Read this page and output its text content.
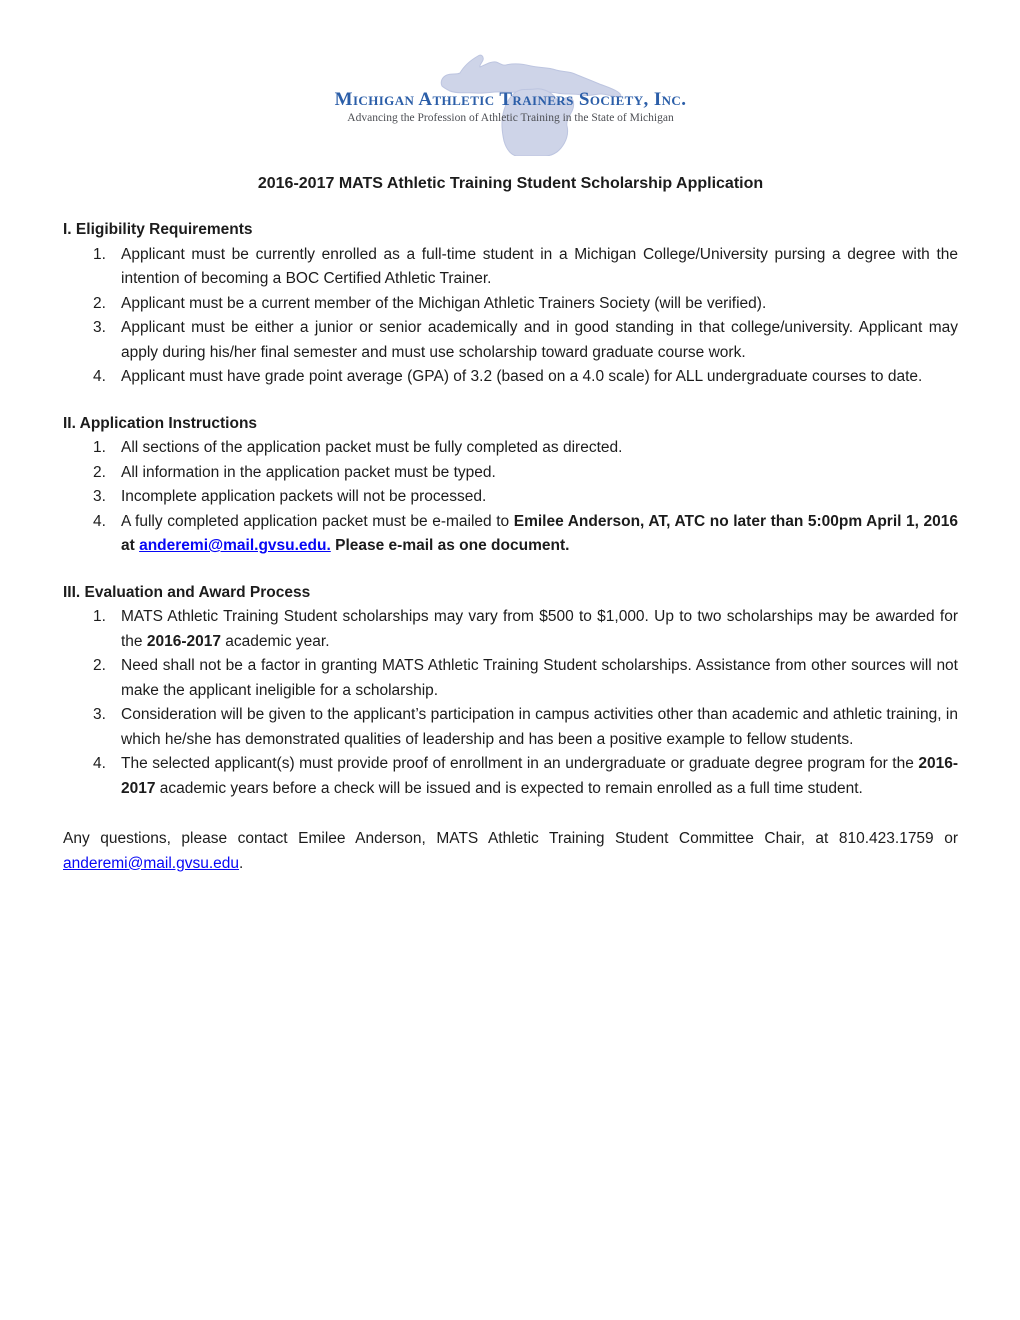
Michigan Athletic Trainers Society, Inc.
Advancing the Profession of Athletic Training in the State of Michigan
2016-2017 MATS Athletic Training Student Scholarship Application
I. Eligibility Requirements
1. Applicant must be currently enrolled as a full-time student in a Michigan College/University pursing a degree with the intention of becoming a BOC Certified Athletic Trainer.
2. Applicant must be a current member of the Michigan Athletic Trainers Society (will be verified).
3. Applicant must be either a junior or senior academically and in good standing in that college/university. Applicant may apply during his/her final semester and must use scholarship toward graduate course work.
4. Applicant must have grade point average (GPA) of 3.2 (based on a 4.0 scale) for ALL undergraduate courses to date.
II. Application Instructions
1. All sections of the application packet must be fully completed as directed.
2. All information in the application packet must be typed.
3. Incomplete application packets will not be processed.
4. A fully completed application packet must be e-mailed to Emilee Anderson, AT, ATC no later than 5:00pm April 1, 2016 at anderemi@mail.gvsu.edu. Please e-mail as one document.
III. Evaluation and Award Process
1. MATS Athletic Training Student scholarships may vary from $500 to $1,000. Up to two scholarships may be awarded for the 2016-2017 academic year.
2. Need shall not be a factor in granting MATS Athletic Training Student scholarships. Assistance from other sources will not make the applicant ineligible for a scholarship.
3. Consideration will be given to the applicant’s participation in campus activities other than academic and athletic training, in which he/she has demonstrated qualities of leadership and has been a positive example to fellow students.
4. The selected applicant(s) must provide proof of enrollment in an undergraduate or graduate degree program for the 2016-2017 academic years before a check will be issued and is expected to remain enrolled as a full time student.

Any questions, please contact Emilee Anderson, MATS Athletic Training Student Committee Chair, at 810.423.1759 or anderemi@mail.gvsu.edu.
